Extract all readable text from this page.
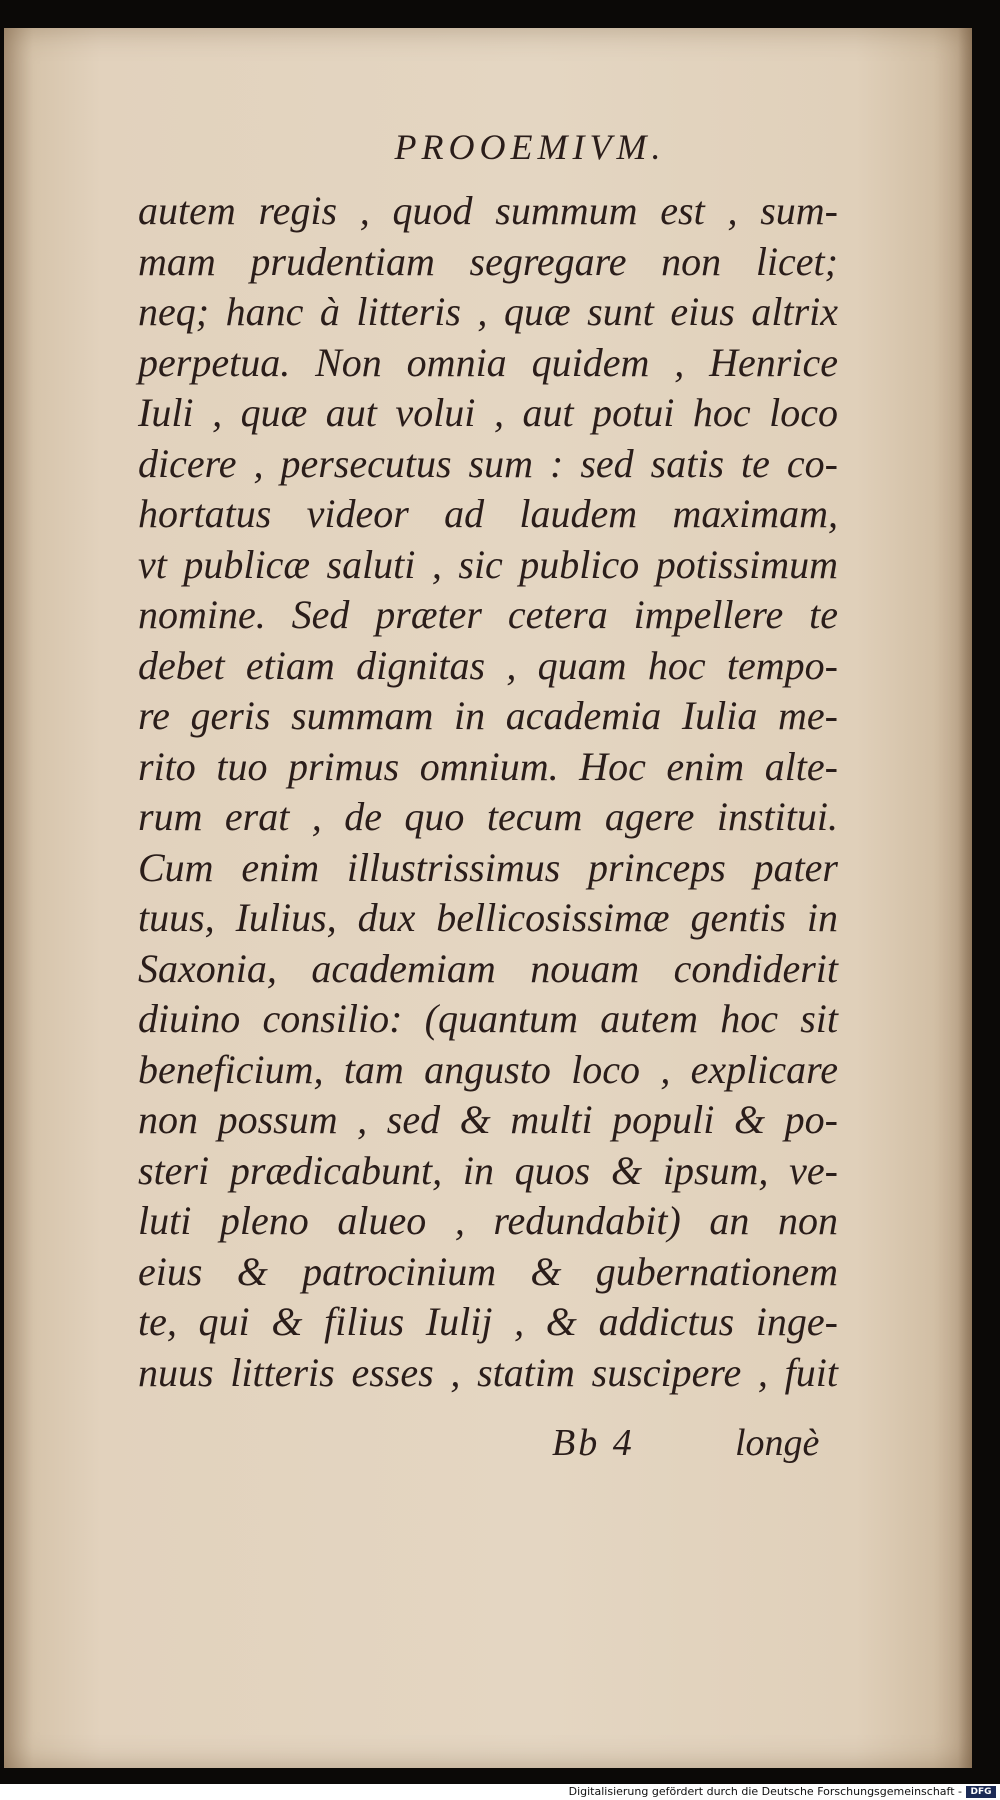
PROOEMIVM.
autem regis , quod summum est , sum-
mam prudentiam segregare non licet;
neq; hanc à litteris , quæ sunt eius altrix
perpetua. Non omnia quidem , Henrice
Iuli , quæ aut volui , aut potui hoc loco
dicere , persecutus sum : sed satis te co-
hortatus videor ad laudem maximam,
vt publicæ saluti , sic publico potissimum
nomine. Sed præter cetera impellere te
debet etiam dignitas , quam hoc tempo-
re geris summam in academia Iulia me-
rito tuo primus omnium. Hoc enim alte-
rum erat , de quo tecum agere institui.
Cum enim illustrissimus princeps pater
tuus, Iulius, dux bellicosissimæ gentis in
Saxonia, academiam nouam condiderit
diuino consilio: (quantum autem hoc sit
beneficium, tam angusto loco , explicare
non possum , sed & multi populi & po-
steri prædicabunt, in quos & ipsum, ve-
luti pleno alueo , redundabit) an non
eius & patrocinium & gubernationem
te, qui & filius Iulij , & addictus inge-
nuus litteris esses , statim suscipere , fuit
Bb 4	longè
Digitalisierung gefördert durch die Deutsche Forschungsgemeinschaft - DFG
